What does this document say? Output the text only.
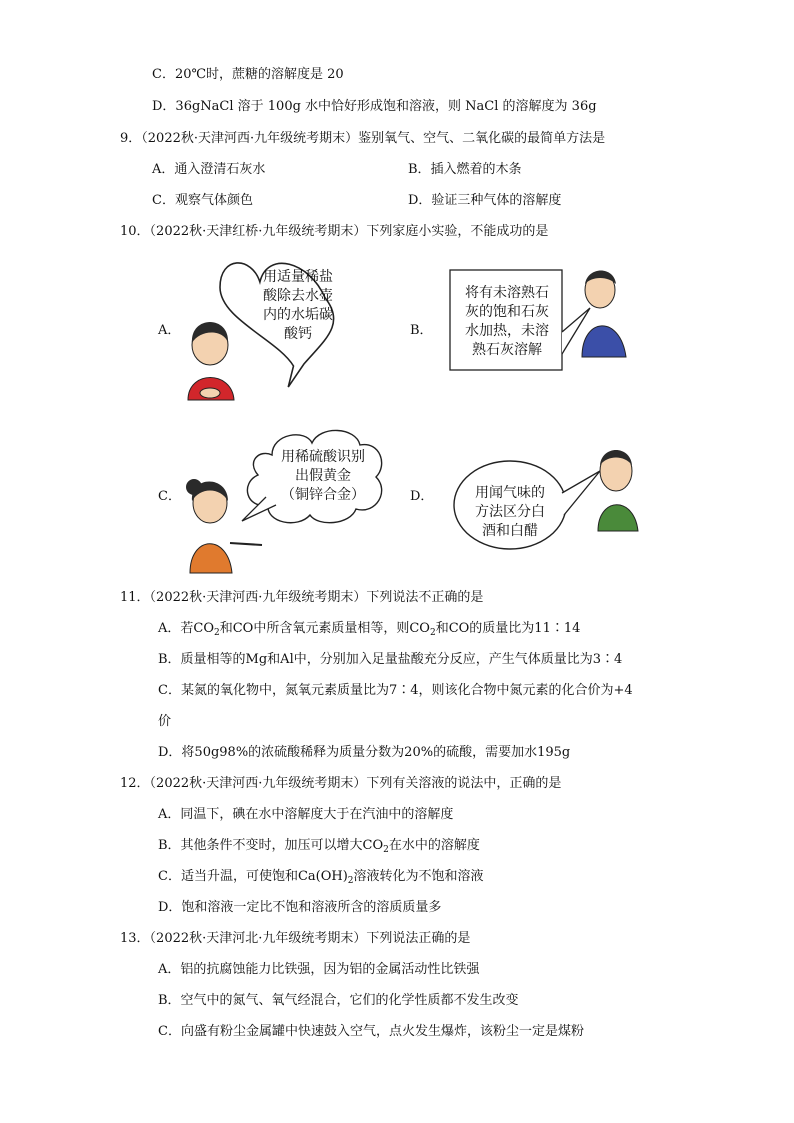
C．20℃时，蔗糖的溶解度是 20
D．36gNaCl 溶于 100g 水中恰好形成饱和溶液，则 NaCl 的溶解度为 36g
9．（2022秋·天津河西·九年级统考期末）鉴别氧气、空气、二氧化碳的最简单方法是
A．通入澄清石灰水	B．插入燃着的木条
C．观察气体颜色	D．验证三种气体的溶解度
10．（2022秋·天津红桥·九年级统考期末）下列家庭小实验，不能成功的是
A．	B．
C．	D．
用适量稀盐
酸除去水壶
内的水垢碳
酸钙
将有未溶熟石
灰的饱和石灰
水加热，未溶
熟石灰溶解
用稀硫酸识别
出假黄金
（铜锌合金）	用闻气味的
方法区分白
酒和白醋
11．（2022秋·天津河西·九年级统考期末）下列说法不正确的是
A．若$CO_2$和CO中所含氧元素质量相等，则$CO_2$和CO的质量比为11∶14
B．质量相等的Mg和Al中，分别加入足量盐酸充分反应，产生气体质量比为3∶4
C．某氮的氧化物中，氮氧元素质量比为7∶4，则该化合物中氮元素的化合价为+4
价
D．将50g98%的浓硫酸稀释为质量分数为20%的硫酸，需要加水195g
12．（2022秋·天津河西·九年级统考期末）下列有关溶液的说法中，正确的是
A．同温下，碘在水中溶解度大于在汽油中的溶解度
B．其他条件不变时，加压可以增大$CO_2$在水中的溶解度
C．适当升温，可使饱和$Ca(OH)_2$溶液转化为不饱和溶液
D．饱和溶液一定比不饱和溶液所含的溶质质量多
13．（2022秋·天津河北·九年级统考期末）下列说法正确的是
A．铝的抗腐蚀能力比铁强，因为铝的金属活动性比铁强
B．空气中的氮气、氧气经混合，它们的化学性质都不发生改变
C．向盛有粉尘金属罐中快速鼓入空气，点火发生爆炸，该粉尘一定是煤粉
